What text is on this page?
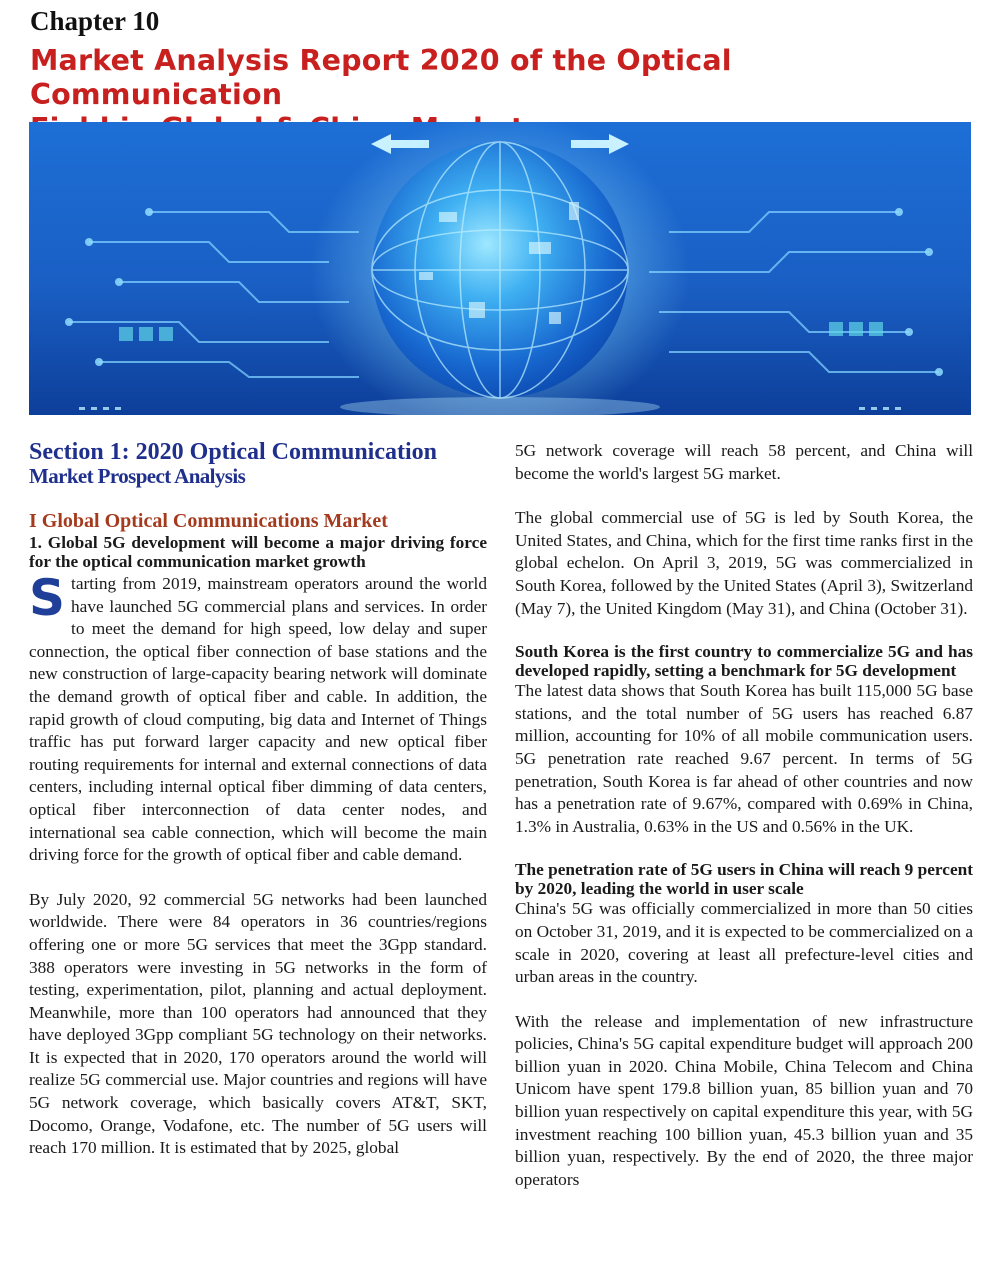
Chapter 10
Market Analysis Report 2020 of the Optical Communication
Section 1: 2020 Optical Communication
Market Prospect Analysis
I Global Optical Communications Market

1. Global 5G development will become a major driving force for the optical communication market growth

S tarting from 2019, mainstream operators around the world have launched 5G commercial plans and services. In order to meet the demand for high speed, low delay and super connection, the optical fiber connection of base stations and the new construction of large-capacity bearing network will dominate the demand growth of optical fiber and cable. In addition, the rapid growth of cloud computing, big data and Internet of Things traffic has put forward larger capacity and new optical fiber routing requirements for internal and external connections of data centers, including internal optical fiber dimming of data centers, optical fiber interconnection of data center nodes, and international sea cable connection, which will become the main driving force for the growth of optical fiber and cable demand.

By July 2020, 92 commercial 5G networks had been launched worldwide. There were 84 operators in 36 countries/regions offering one or more 5G services that meet the 3Gpp standard. 388 operators were investing in 5G networks in the form of testing, experimentation, pilot, planning and actual deployment. Meanwhile, more than 100 operators had announced that they have deployed 3Gpp compliant 5G technology on their networks. It is expected that in 2020, 170 operators around the world will realize 5G commercial use. Major countries and regions will have 5G network coverage, which basically covers AT&T, SKT, Docomo, Orange, Vodafone, etc. The number of 5G users will reach 170 million. It is estimated that by 2025, global

5G network coverage will reach 58 percent, and China will become the world's largest 5G market.

The global commercial use of 5G is led by South Korea, the United States, and China, which for the first time ranks first in the global echelon. On April 3, 2019, 5G was commercialized in South Korea, followed by the United States (April 3), Switzerland (May 7), the United Kingdom (May 31), and China (October 31).

South Korea is the first country to commercialize 5G and has developed rapidly, setting a benchmark for 5G development

The latest data shows that South Korea has built 115,000 5G base stations, and the total number of 5G users has reached 6.87 million, accounting for 10% of all mobile communication users. 5G penetration rate reached 9.67 percent. In terms of 5G penetration, South Korea is far ahead of other countries and now has a penetration rate of 9.67%, compared with 0.69% in China, 1.3% in Australia, 0.63% in the US and 0.56% in the UK.

The penetration rate of 5G users in China will reach 9 percent by 2020, leading the world in user scale

China's 5G was officially commercialized in more than 50 cities on October 31, 2019, and it is expected to be commercialized on a scale in 2020, covering at least all prefecture-level cities and urban areas in the country.

With the release and implementation of new infrastructure policies, China's 5G capital expenditure budget will approach 200 billion yuan in 2020. China Mobile, China Telecom and China Unicom have spent 179.8 billion yuan, 85 billion yuan and 70 billion yuan respectively on capital expenditure this year, with 5G investment reaching 100 billion yuan, 45.3 billion yuan and 35 billion yuan, respectively. By the end of 2020, the three major operators
